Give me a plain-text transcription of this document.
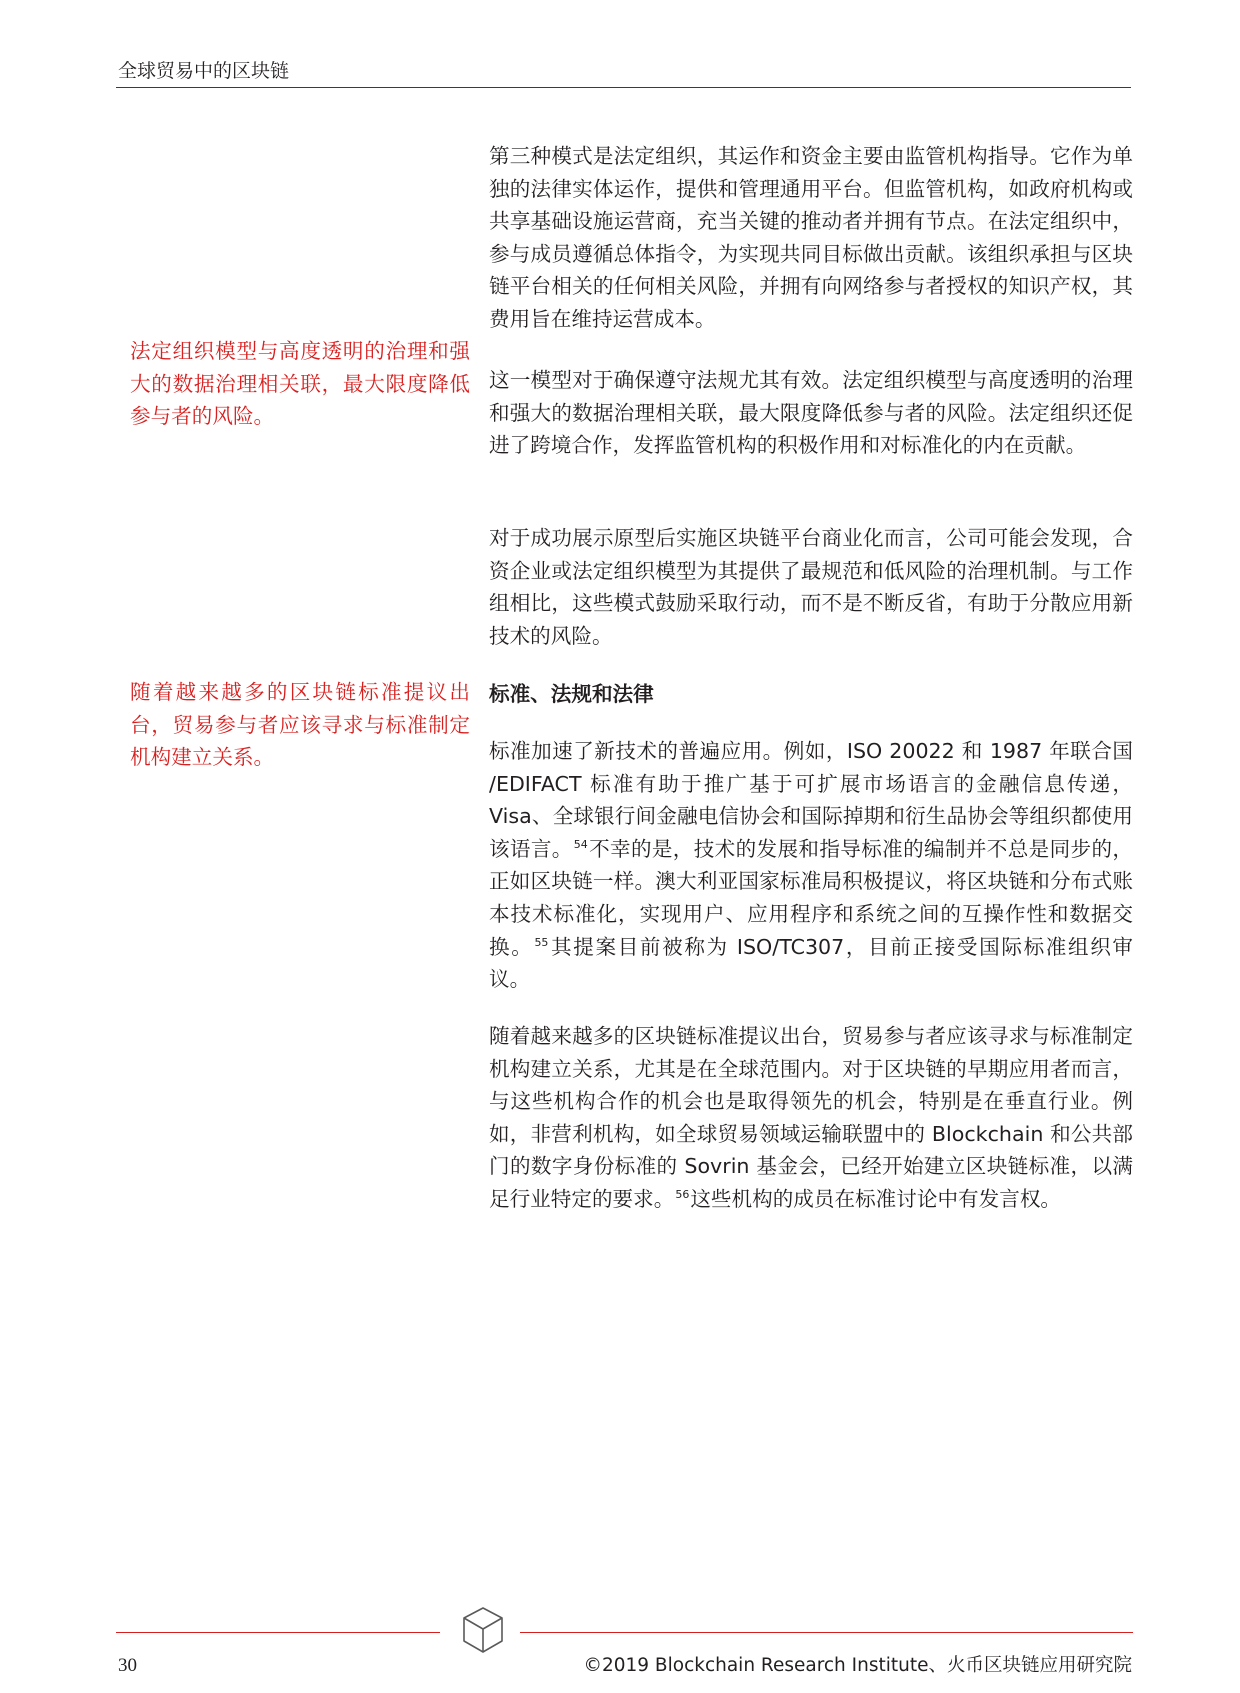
全球贸易中的区块链
法定组织模型与高度透明的治理和强大的数据治理相关联，最大限度降低参与者的风险。
随着越来越多的区块链标准提议出台，贸易参与者应该寻求与标准制定机构建立关系。

第三种模式是法定组织，其运作和资金主要由监管机构指导。它作为单独的法律实体运作，提供和管理通用平台。但监管机构，如政府机构或共享基础设施运营商，充当关键的推动者并拥有节点。在法定组织中，参与成员遵循总体指令，为实现共同目标做出贡献。该组织承担与区块链平台相关的任何相关风险，并拥有向网络参与者授权的知识产权，其费用旨在维持运营成本。

这一模型对于确保遵守法规尤其有效。法定组织模型与高度透明的治理和强大的数据治理相关联，最大限度降低参与者的风险。法定组织还促进了跨境合作，发挥监管机构的积极作用和对标准化的内在贡献。

对于成功展示原型后实施区块链平台商业化而言，公司可能会发现，合资企业或法定组织模型为其提供了最规范和低风险的治理机制。与工作组相比，这些模式鼓励采取行动，而不是不断反省，有助于分散应用新技术的风险。

标准、法规和法律

标准加速了新技术的普遍应用。例如，ISO 20022 和 1987 年联合国 /EDIFACT 标准有助于推广基于可扩展市场语言的金融信息传递，Visa、全球银行间金融电信协会和国际掉期和衍生品协会等组织都使用该语言。$^{54}$不幸的是，技术的发展和指导标准的编制并不总是同步的，正如区块链一样。澳大利亚国家标准局积极提议，将区块链和分布式账本技术标准化，实现用户、应用程序和系统之间的互操作性和数据交换。$^{55}$其提案目前被称为 ISO/TC307，目前正接受国际标准组织审议。

随着越来越多的区块链标准提议出台，贸易参与者应该寻求与标准制定机构建立关系，尤其是在全球范围内。对于区块链的早期应用者而言，与这些机构合作的机会也是取得领先的机会，特别是在垂直行业。例如，非营利机构，如全球贸易领域运输联盟中的 Blockchain 和公共部门的数字身份标准的 Sovrin 基金会，已经开始建立区块链标准，以满足行业特定的要求。$^{56}$这些机构的成员在标准讨论中有发言权。

30	©2019 Blockchain Research Institute、火币区块链应用研究院
